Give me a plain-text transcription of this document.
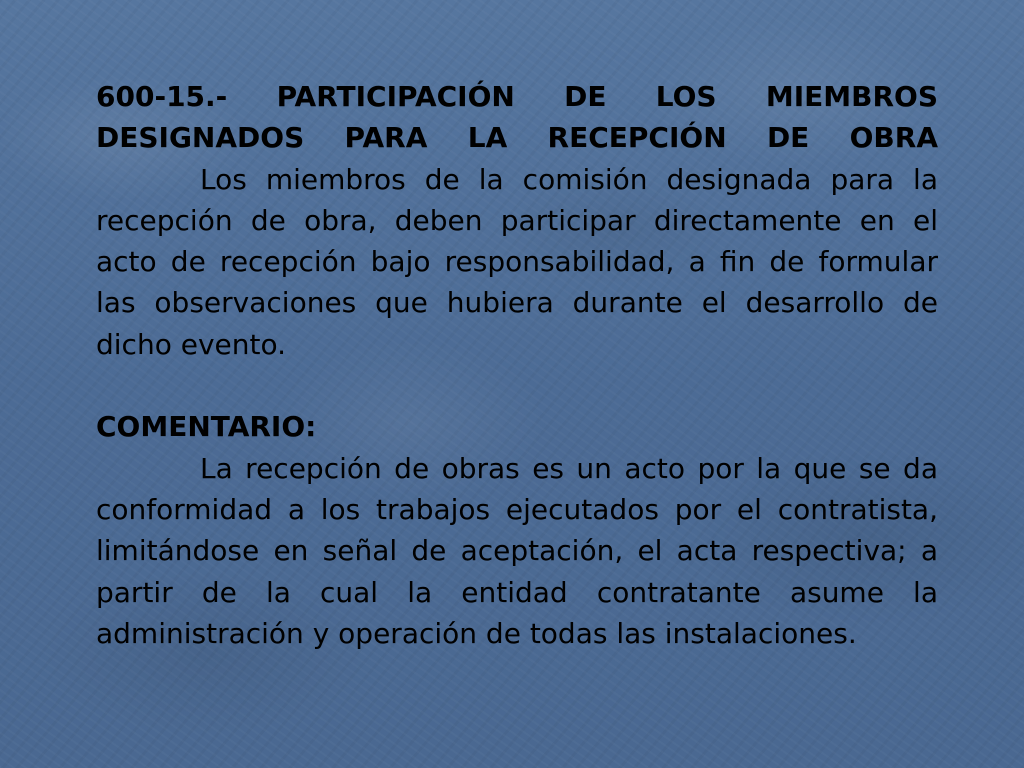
600-15.- PARTICIPACIÓN DE LOS MIEMBROS DESIGNADOS PARA LA RECEPCIÓN DE OBRA

Los miembros de la comisión designada para la recepción de obra, deben participar directamente en el acto de recepción bajo responsabilidad, a fin de formular las observaciones que hubiera durante el desarrollo de dicho evento.

COMENTARIO:

La recepción de obras es un acto por la que se da conformidad a los trabajos ejecutados por el contratista, limitándose en señal de aceptación, el acta respectiva; a partir de la cual la entidad contratante asume la administración y operación de todas las instalaciones.
